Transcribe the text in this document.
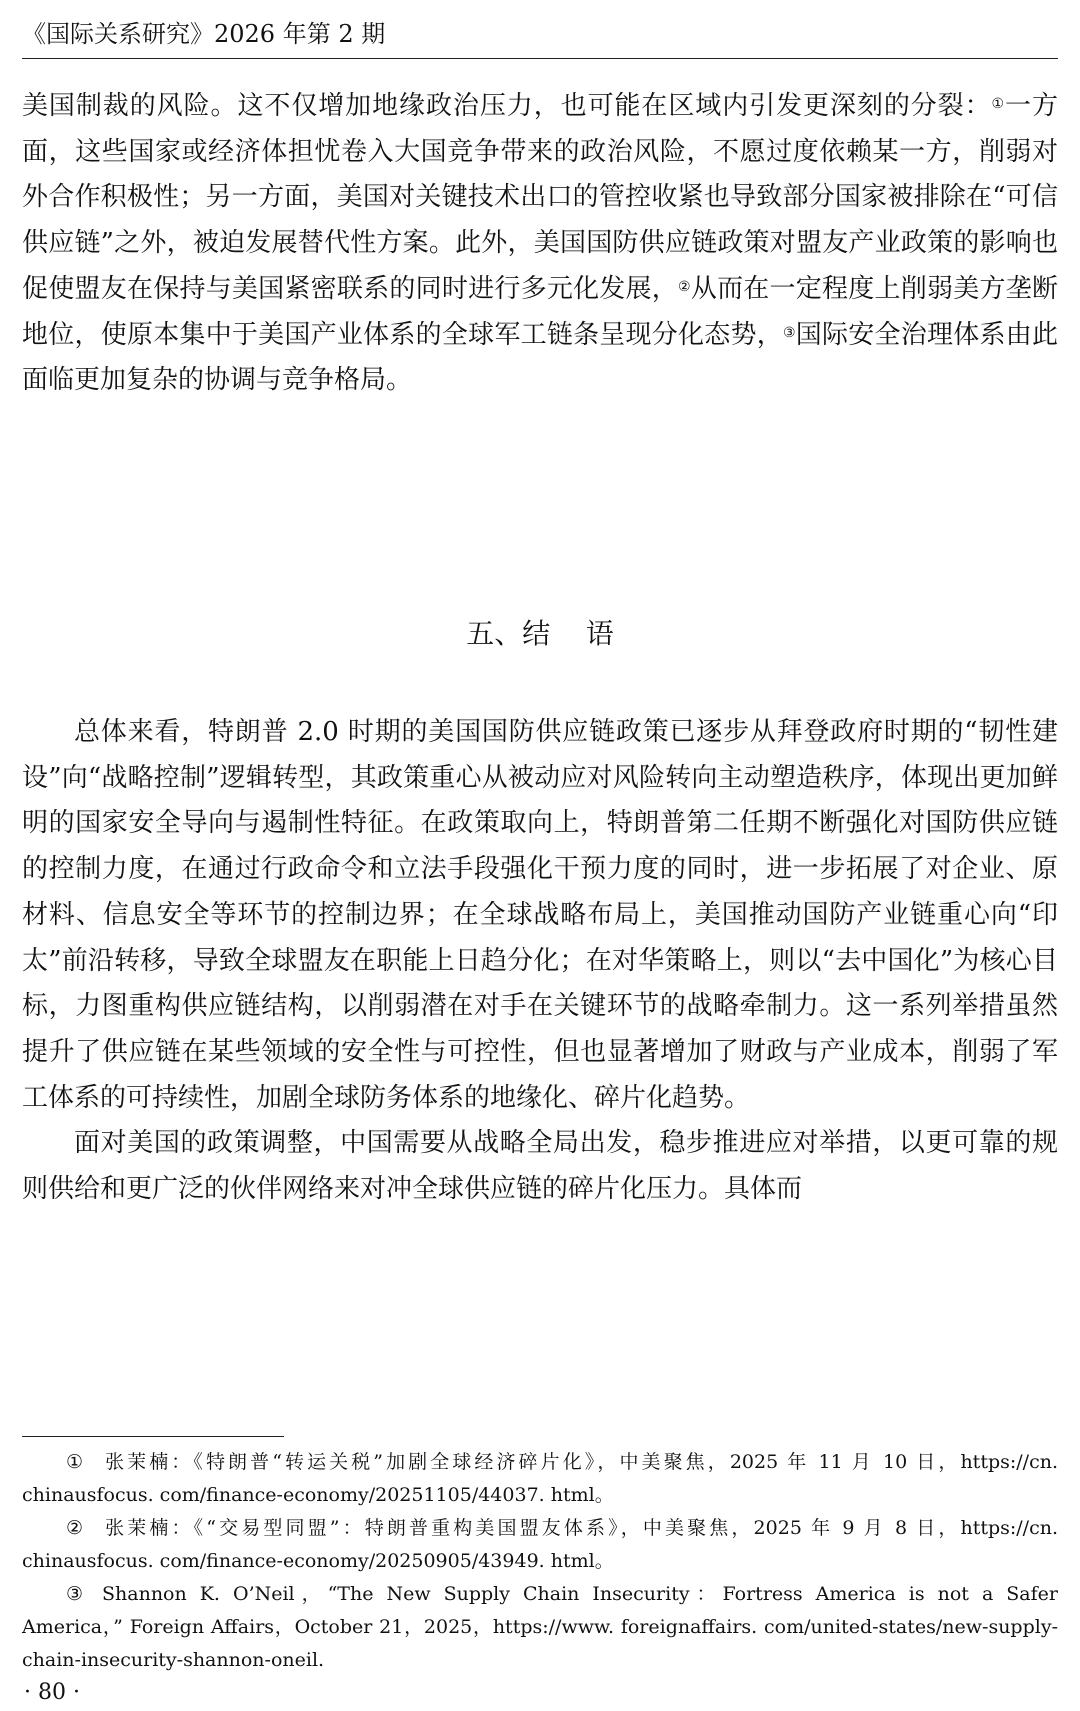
《国际关系研究》2026 年第 2 期

美国制裁的风险。这不仅增加地缘政治压力，也可能在区域内引发更深刻的分裂：①一方面，这些国家或经济体担忧卷入大国竞争带来的政治风险，不愿过度依赖某一方，削弱对外合作积极性；另一方面，美国对关键技术出口的管控收紧也导致部分国家被排除在“可信供应链”之外，被迫发展替代性方案。此外，美国国防供应链政策对盟友产业政策的影响也促使盟友在保持与美国紧密联系的同时进行多元化发展，②从而在一定程度上削弱美方垄断地位，使原本集中于美国产业体系的全球军工链条呈现分化态势，③国际安全治理体系由此面临更加复杂的协调与竞争格局。

五、结    语

总体来看，特朗普 2.0 时期的美国国防供应链政策已逐步从拜登政府时期的“韧性建设”向“战略控制”逻辑转型，其政策重心从被动应对风险转向主动塑造秩序，体现出更加鲜明的国家安全导向与遏制性特征。在政策取向上，特朗普第二任期不断强化对国防供应链的控制力度，在通过行政命令和立法手段强化干预力度的同时，进一步拓展了对企业、原材料、信息安全等环节的控制边界；在全球战略布局上，美国推动国防产业链重心向“印太”前沿转移，导致全球盟友在职能上日趋分化；在对华策略上，则以“去中国化”为核心目标，力图重构供应链结构，以削弱潜在对手在关键环节的战略牵制力。这一系列举措虽然提升了供应链在某些领域的安全性与可控性，但也显著增加了财政与产业成本，削弱了军工体系的可持续性，加剧全球防务体系的地缘化、碎片化趋势。

面对美国的政策调整，中国需要从战略全局出发，稳步推进应对举措，以更可靠的规则供给和更广泛的伙伴网络来对冲全球供应链的碎片化压力。具体而

① 张茉楠：《特朗普“转运关税”加剧全球经济碎片化》，中美聚焦，2025 年 11 月 10 日，https://cn. chinausfocus. com/finance-economy/20251105/44037. html。

② 张茉楠：《“交易型同盟”：特朗普重构美国盟友体系》，中美聚焦，2025 年 9 月 8 日，https://cn. chinausfocus. com/finance-economy/20250905/43949. html。

③ Shannon K. O’Neil，“The New Supply Chain Insecurity：Fortress America is not a Safer America，” Foreign Affairs，October 21，2025，https://www. foreignaffairs. com/united-states/new-supply-chain-insecurity-shannon-oneil.

· 80 ·
